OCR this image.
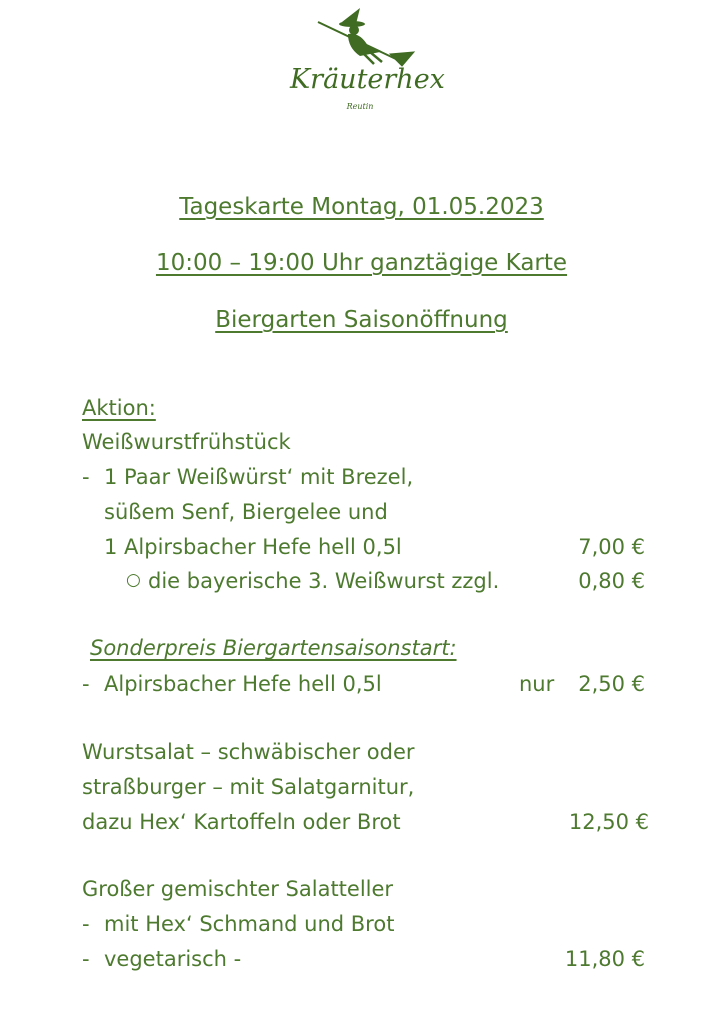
Kräuterhex
Reutin
Tageskarte Montag, 01.05.2023
10:00 – 19:00 Uhr ganztägige Karte
Biergarten Saisonöffnung
Aktion:
Weißwurstfrühstück
- 1 Paar Weißwürst‘ mit Brezel,
süßem Senf, Biergelee und
1 Alpirsbacher Hefe hell 0,5l	7,00 €
○ die bayerische 3. Weißwurst zzgl.	0,80 €
Sonderpreis Biergartensaisonstart:
- Alpirsbacher Hefe hell 0,5l	nur 2,50 €
Wurstsalat – schwäbischer oder
straßburger – mit Salatgarnitur,
dazu Hex‘ Kartoffeln oder Brot	12,50 €
Großer gemischter Salatteller
- mit Hex‘ Schmand und Brot
- vegetarisch -	11,80 €
